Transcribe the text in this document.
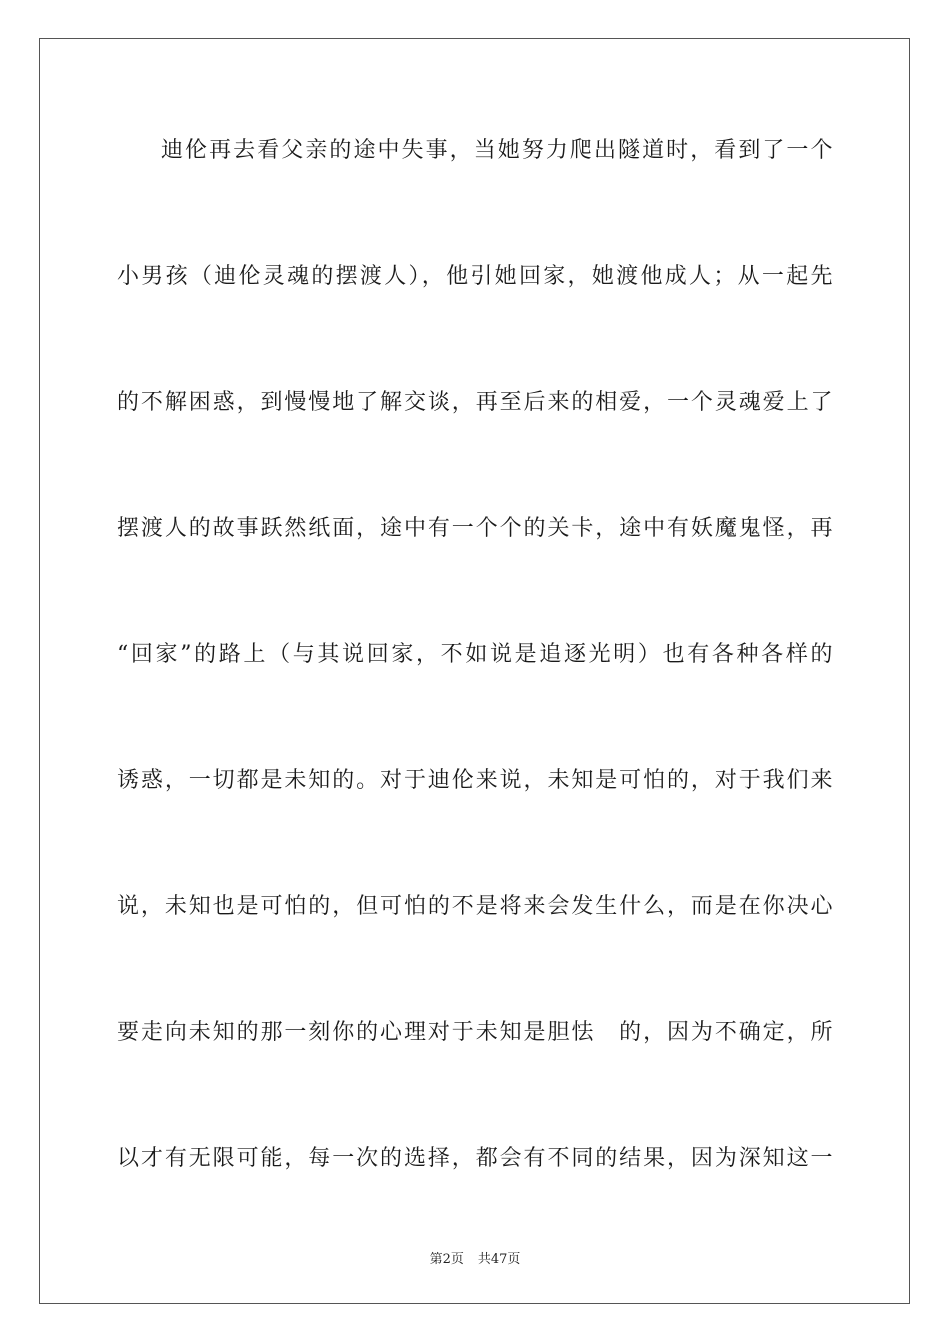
迪伦再去看父亲的途中失事，当她努力爬出隧道时，看到了一个
小男孩（迪伦灵魂的摆渡人），他引她回家，她渡他成人；从一起先
的不解困惑，到慢慢地了解交谈，再至后来的相爱，一个灵魂爱上了
摆渡人的故事跃然纸面，途中有一个个的关卡，途中有妖魔鬼怪，再
“回家”的路上（与其说回家，不如说是追逐光明）也有各种各样的
诱惑，一切都是未知的。对于迪伦来说，未知是可怕的，对于我们来
说，未知也是可怕的，但可怕的不是将来会发生什么，而是在你决心
要走向未知的那一刻你的心理对于未知是胆怯　的，因为不确定，所
以才有无限可能，每一次的选择，都会有不同的结果，因为深知这一
第2页 共47页
